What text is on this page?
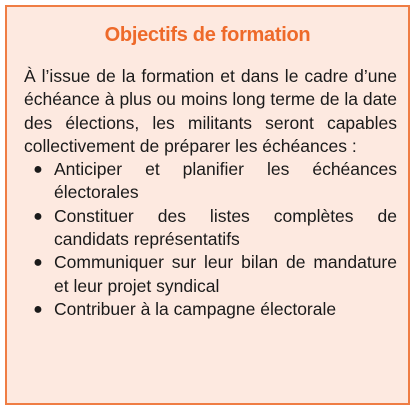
Objectifs de formation

À l’issue de la formation et dans le cadre d’une échéance à plus ou moins long terme de la date des élections, les militants seront capables collectivement de préparer les échéances :

● Anticiper et planifier les échéances électorales
● Constituer des listes complètes de candidats représentatifs
● Communiquer sur leur bilan de mandature et leur projet syndical
● Contribuer à la campagne électorale
